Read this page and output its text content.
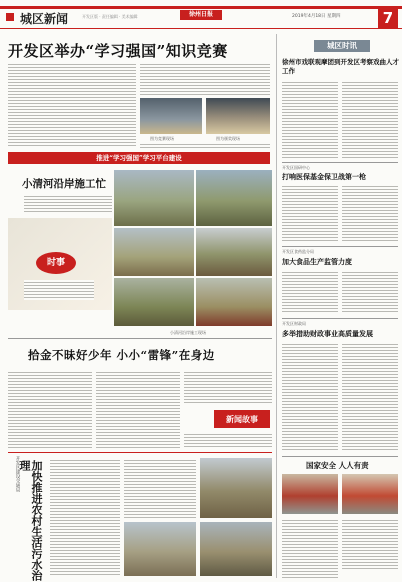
城区新闻	开发区版 · 责任编辑 · 美术编辑	徐州日报	2019年4月18日 星期四	7
开发区举办“学习强国”知识竞赛
图为竞赛现场	图为颁奖现场
推进“学习强国”学习平台建设
小清河沿岸施工忙
时事
小清河沿岸施工现场
拾金不昧好少年 小小“雷锋”在身边
新闻故事
开发区建设交通局 加快推进农村生活污水治理
城区时讯
徐州市戏联观摩团到开发区考察戏曲人才工作
开发区国研中心
打响医保基金保卫战第一枪
开发区食药监分局
加大食品生产监管力度
开发区财政局
多举措助财政事业高质量发展
国家安全 人人有责
